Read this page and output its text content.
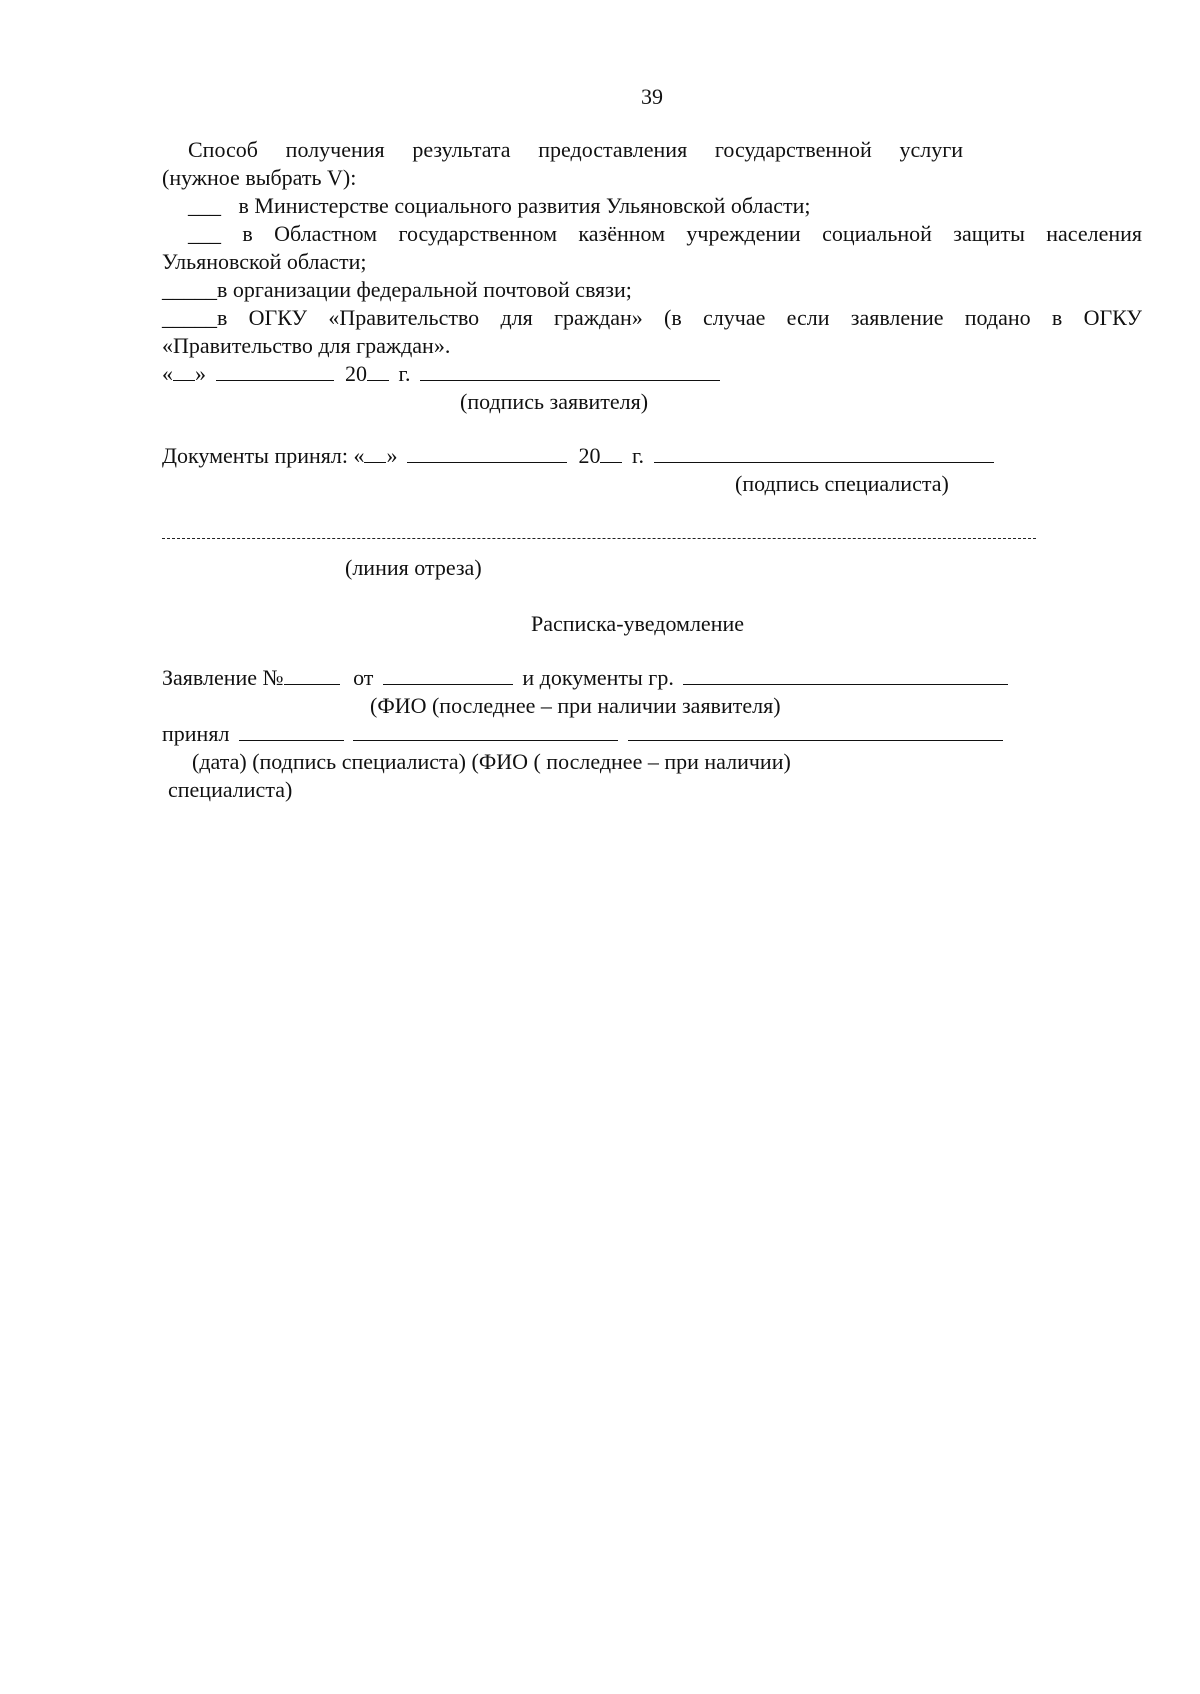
39
Способ получения результата предоставления государственной услуги
(нужное выбрать V):
___ в Министерстве социального развития Ульяновской области;
___ в Областном государственном казённом учреждении социальной защиты населения
Ульяновской области;
_____в организации федеральной почтовой связи;
_____в ОГКУ «Правительство для граждан» (в случае если заявление подано в ОГКУ
«Правительство для граждан».
« »	20 г.
(подпись заявителя)
Документы принял: « »	20 г.
(подпись специалиста)
(линия отреза)
Расписка-уведомление
Заявление №	от	и документы гр.
(ФИО (последнее – при наличии заявителя)
принял
(дата) (подпись специалиста) (ФИО ( последнее – при наличии)
специалиста)
